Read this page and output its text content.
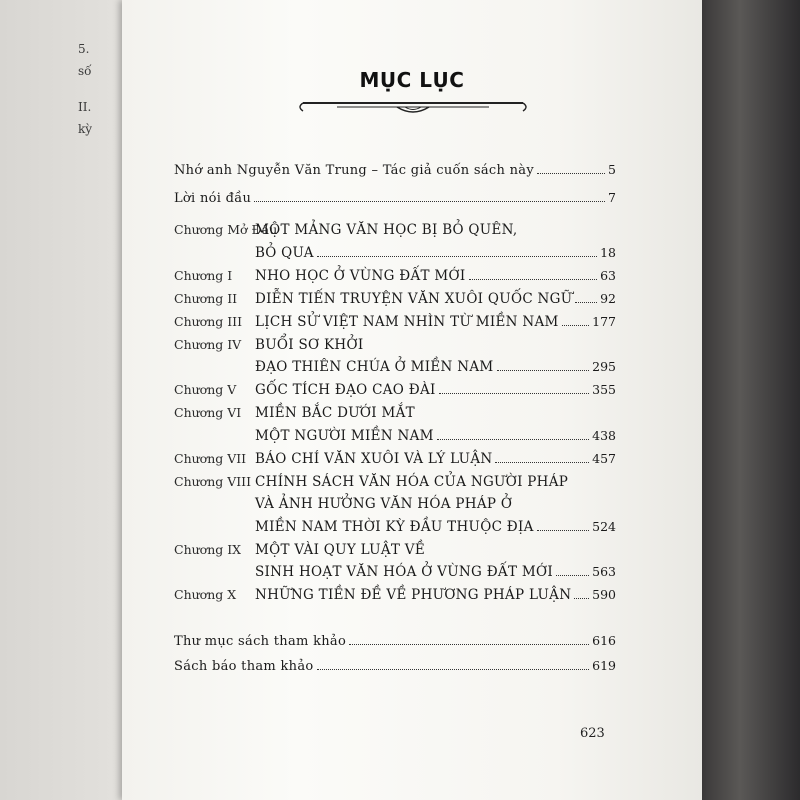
5.
số
II.
kỳ
MỤC LỤC
Nhớ anh Nguyễn Văn Trung – Tác giả cuốn sách này	5
Lời nói đầu	7
Chương Mở Đầu
MỘT MẢNG VĂN HỌC BỊ BỎ QUÊN,
BỎ QUA	18
Chương I	NHO HỌC Ở VÙNG ĐẤT MỚI	63
Chương II	DIỄN TIẾN TRUYỆN VĂN XUÔI QUỐC NGỮ 92
Chương III LỊCH SỬ VIỆT NAM NHÌN TỪ MIỀN NAM	177
Chương IV	BUỔI SƠ KHỞI
ĐẠO THIÊN CHÚA Ở MIỀN NAM	295
Chương V	GỐC TÍCH ĐẠO CAO ĐÀI	355
Chương VI	MIỀN BẮC DƯỚI MẮT
MỘT NGƯỜI MIỀN NAM	438
Chương VII BÁO CHÍ VĂN XUÔI VÀ LÝ LUẬN	457
Chương VIII CHÍNH SÁCH VĂN HÓA CỦA NGƯỜI PHÁP
VÀ ẢNH HƯỞNG VĂN HÓA PHÁP Ở
MIỀN NAM THỜI KỲ ĐẦU THUỘC ĐỊA	524
Chương IX	MỘT VÀI QUY LUẬT VỀ
SINH HOẠT VĂN HÓA Ở VÙNG ĐẤT MỚI	563
Chương X	NHỮNG TIỀN ĐỀ VỀ PHƯƠNG PHÁP LUẬN 590
Thư mục sách tham khảo	616
Sách báo tham khảo	619
623
